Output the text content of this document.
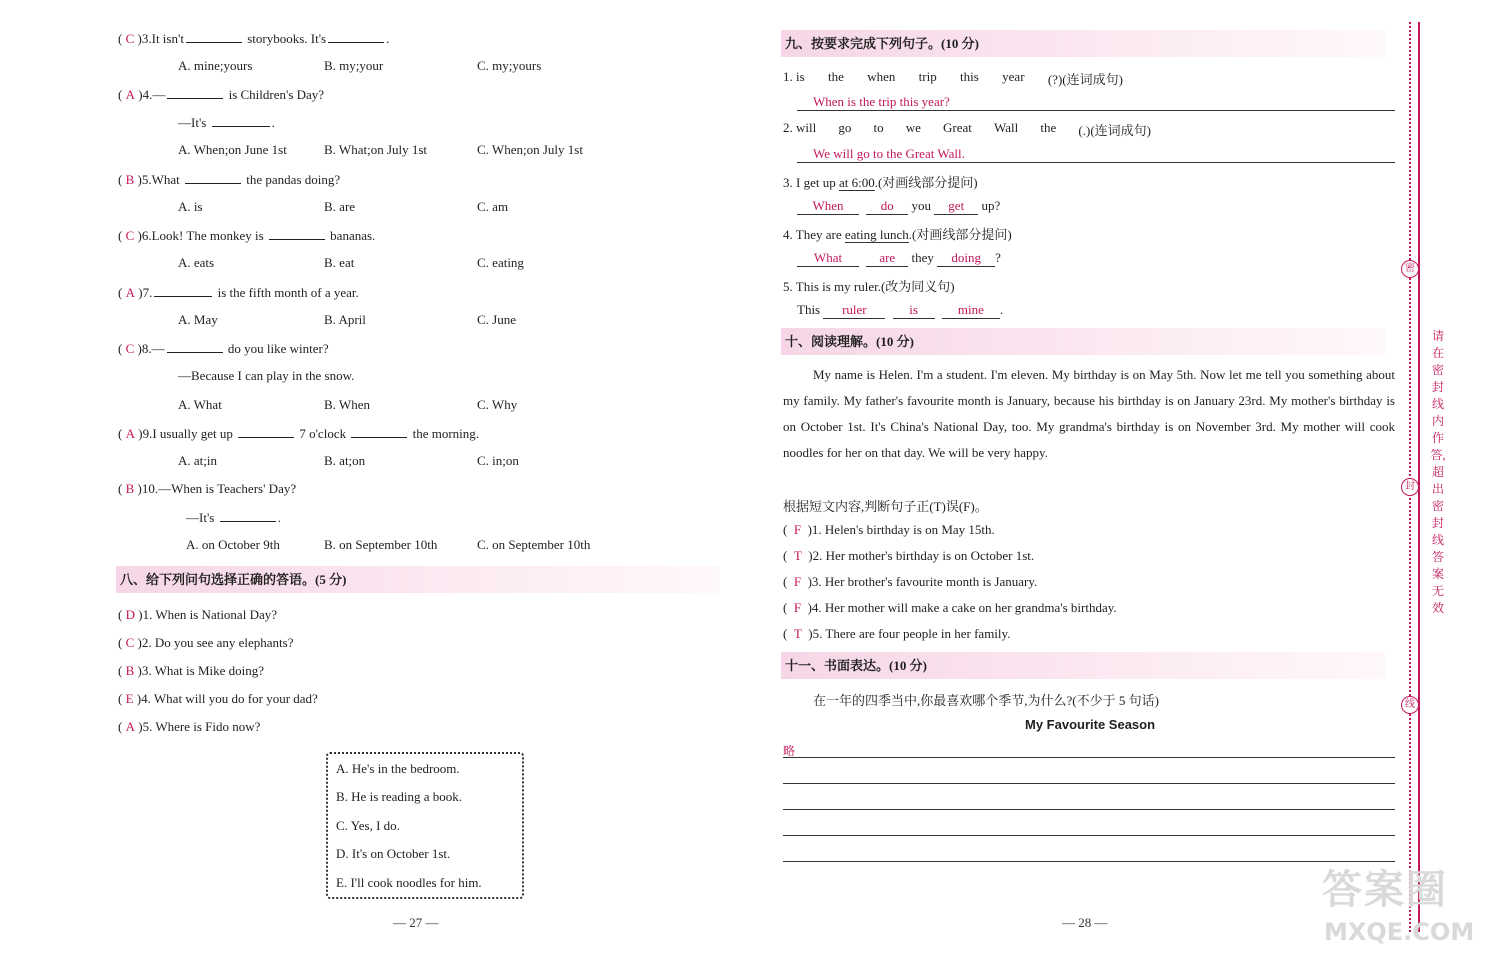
( C )3.It isn't	storybooks. It's	.
A. mine;yours	B. my;your	C. my;yours
( A )4.—	is Children's Day?
—It's	.
A. When;on June 1st	B. What;on July 1st	C. When;on July 1st
( B )5.What	the pandas doing?
A. is	B. are	C. am
( C )6.Look! The monkey is	bananas.
A. eats	B. eat	C. eating
( A )7.	is the fifth month of a year.
A. May	B. April	C. June
( C )8.—	do you like winter?
—Because I can play in the snow.
A. What	B. When	C. Why
( A )9.I usually get up	7 o'clock	the morning.
A. at;in	B. at;on	C. in;on
( B )10.—When is Teachers' Day?
—It's	.
A. on October 9th	B. on September 10th	C. on September 10th
八、给下列问句选择正确的答语。(5 分)
( D )1. When is National Day?
( C )2. Do you see any elephants?
( B )3. What is Mike doing?
( E )4. What will you do for your dad?
( A )5. Where is Fido now?
A. He's in the bedroom.
B. He is reading a book.
C. Yes, I do.
D. It's on October 1st.
E. I'll cook noodles for him.
— 27 —
九、按要求完成下列句子。(10 分)
1. is the when trip this year (?)(连词成句)
When is the trip this year?
2. will go to we Great Wall the (.)(连词成句)
We will go to the Great Wall.
3. I get up at 6:00.(对画线部分提问)
When	do you get up?
4. They are eating lunch.(对画线部分提问)
What	are they doing ?
5. This is my ruler.(改为同义句)
This ruler	is	mine .
十、阅读理解。(10 分)
My name is Helen. I'm a student. I'm eleven. My birthday is on May 5th. Now let me tell you something about my family. My father's favourite month is January, because his birthday is on January 23rd. My mother's birthday is on October 1st. It's China's National Day, too. My grandma's birthday is on November 3rd. My mother will cook noodles for her on that day. We will be very happy.
根据短文内容,判断句子正(T)误(F)。
(  F )1. Helen's birthday is on May 15th.
(  T )2. Her mother's birthday is on October 1st.
(  F )3. Her brother's favourite month is January.
(  F )4. Her mother will make a cake on her grandma's birthday.
(  T )5. There are four people in her family.
十一、书面表达。(10 分)
在一年的四季当中,你最喜欢哪个季节,为什么?(不少于 5 句话)
My Favourite Season
略
— 28 —
密
封
线
请在密封线内作答,超出密封线答案无效
答案圈
MXQE.COM
